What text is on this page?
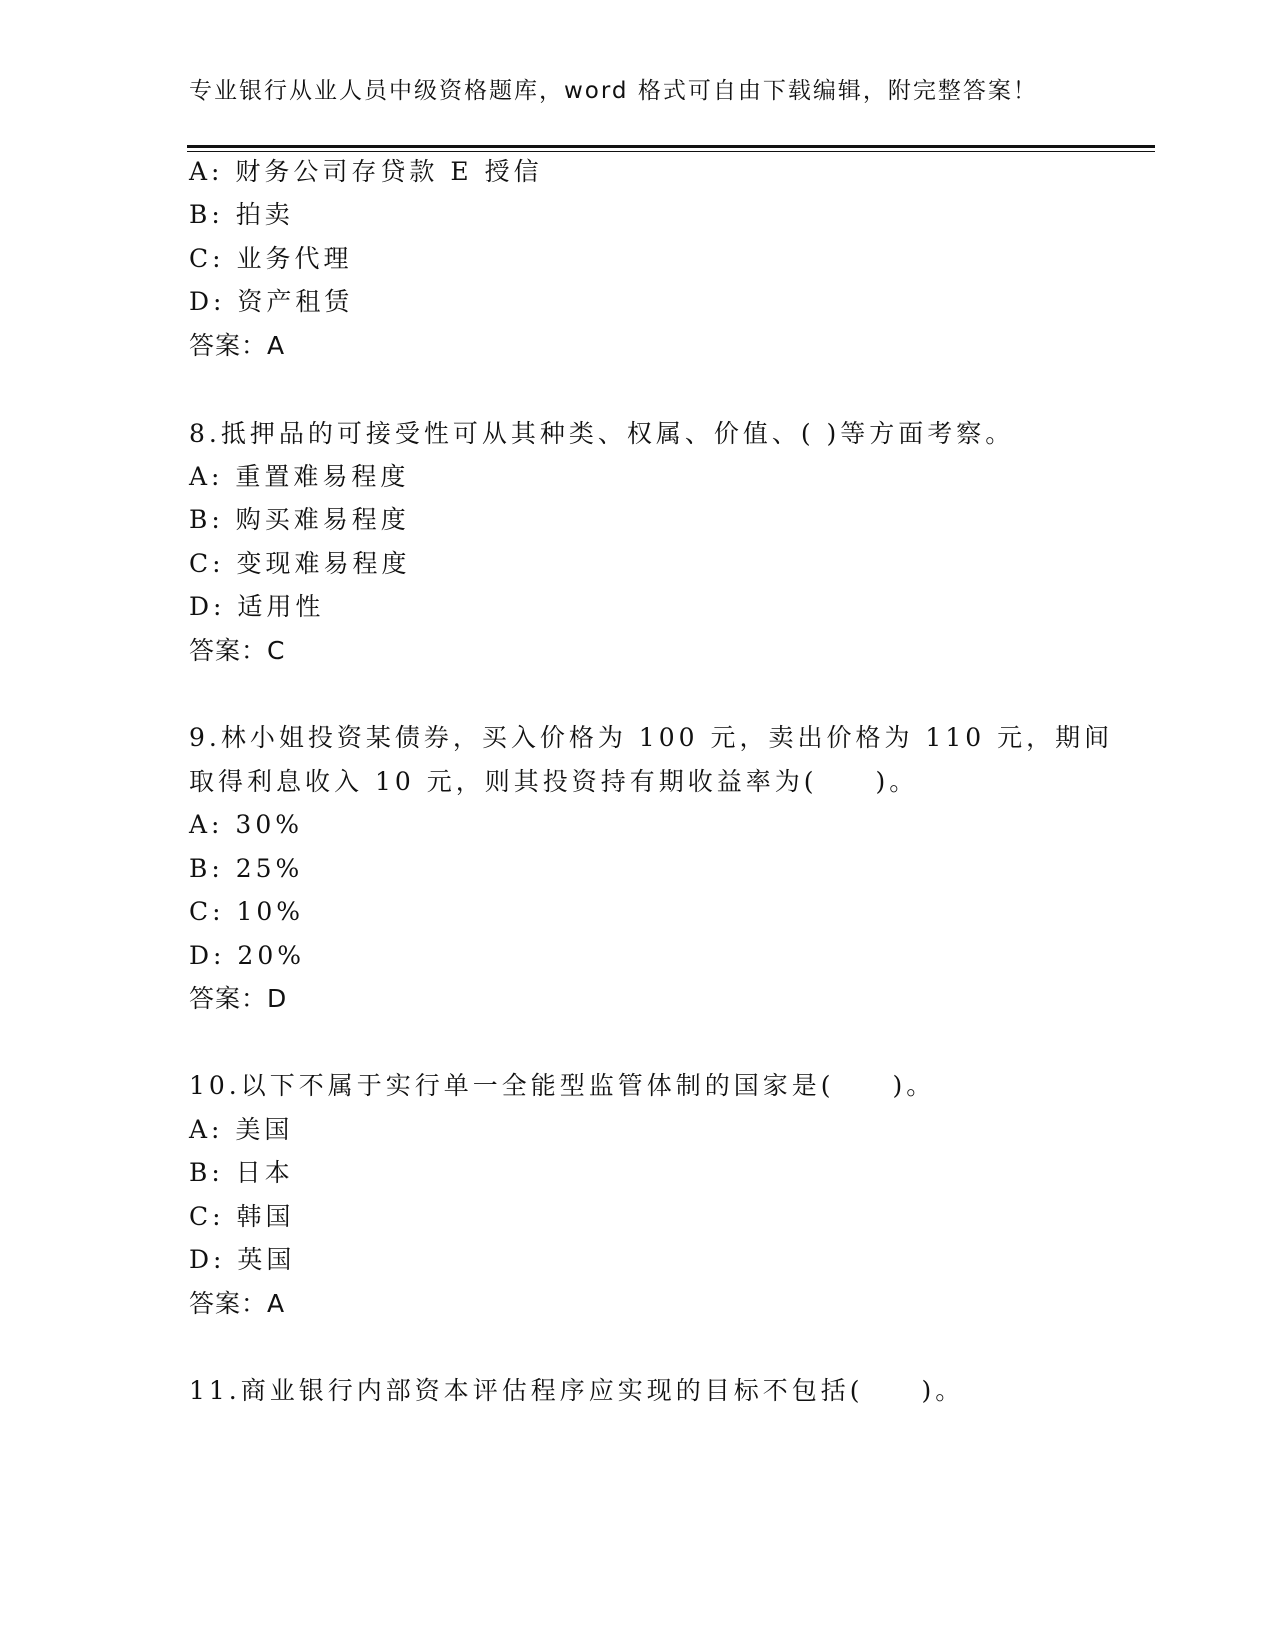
专业银行从业人员中级资格题库，word 格式可自由下载编辑，附完整答案！
A: 财务公司存贷款 E 授信
B: 拍卖
C: 业务代理
D: 资产租赁
答案：A
8.抵押品的可接受性可从其种类、权属、价值、( )等方面考察。
A: 重置难易程度
B: 购买难易程度
C: 变现难易程度
D: 适用性
答案：C
9.林小姐投资某债券，买入价格为 100 元，卖出价格为 110 元，期间
取得利息收入 10 元，则其投资持有期收益率为(　　)。
A: 30%
B: 25%
C: 10%
D: 20%
答案：D
10.以下不属于实行单一全能型监管体制的国家是(　　)。
A: 美国
B: 日本
C: 韩国
D: 英国
答案：A
11.商业银行内部资本评估程序应实现的目标不包括(　　)。
